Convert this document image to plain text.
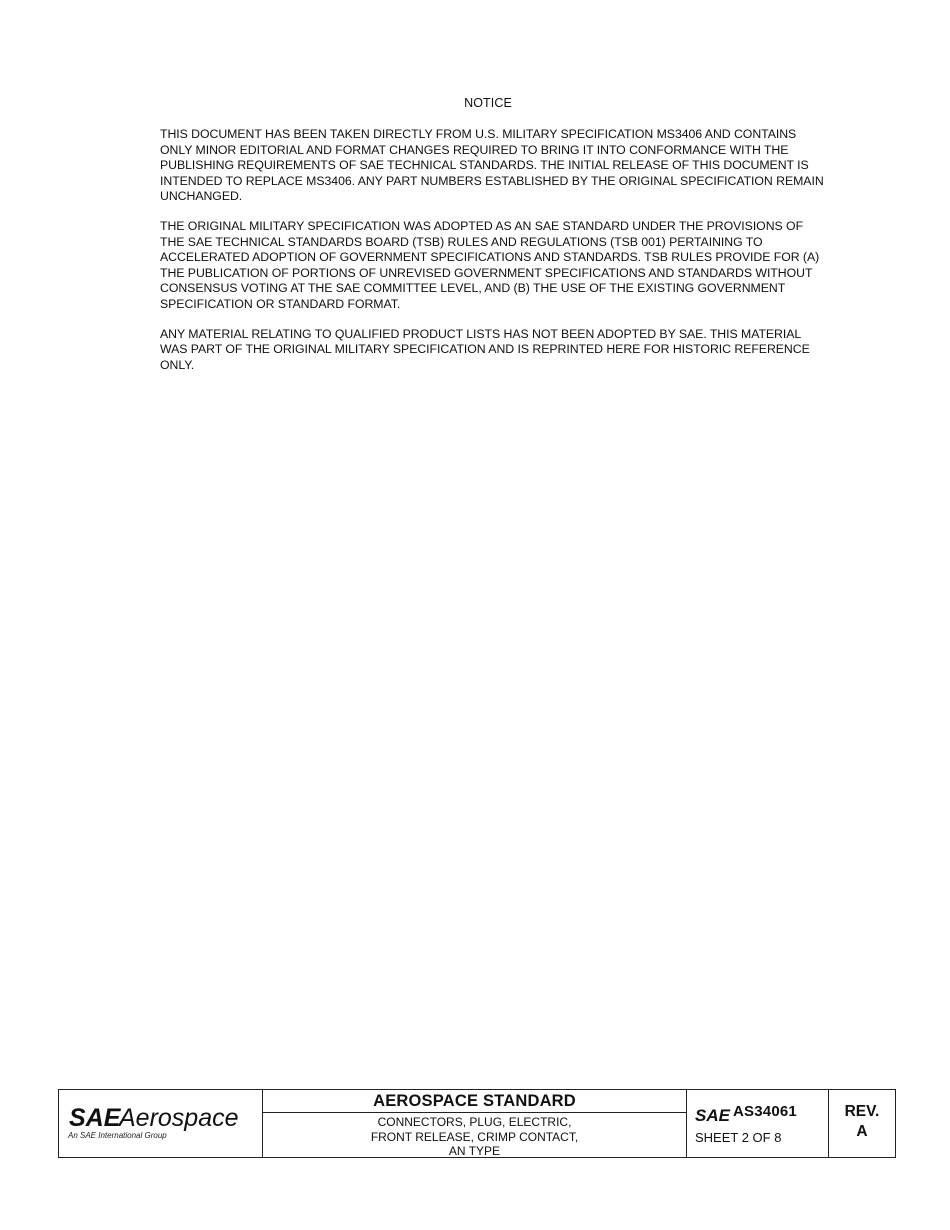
NOTICE

THIS DOCUMENT HAS BEEN TAKEN DIRECTLY FROM U.S. MILITARY SPECIFICATION MS3406 AND CONTAINS ONLY MINOR EDITORIAL AND FORMAT CHANGES REQUIRED TO BRING IT INTO CONFORMANCE WITH THE PUBLISHING REQUIREMENTS OF SAE TECHNICAL STANDARDS. THE INITIAL RELEASE OF THIS DOCUMENT IS INTENDED TO REPLACE MS3406. ANY PART NUMBERS ESTABLISHED BY THE ORIGINAL SPECIFICATION REMAIN UNCHANGED.

THE ORIGINAL MILITARY SPECIFICATION WAS ADOPTED AS AN SAE STANDARD UNDER THE PROVISIONS OF THE SAE TECHNICAL STANDARDS BOARD (TSB) RULES AND REGULATIONS (TSB 001) PERTAINING TO ACCELERATED ADOPTION OF GOVERNMENT SPECIFICATIONS AND STANDARDS. TSB RULES PROVIDE FOR (A) THE PUBLICATION OF PORTIONS OF UNREVISED GOVERNMENT SPECIFICATIONS AND STANDARDS WITHOUT CONSENSUS VOTING AT THE SAE COMMITTEE LEVEL, AND (B) THE USE OF THE EXISTING GOVERNMENT SPECIFICATION OR STANDARD FORMAT.

ANY MATERIAL RELATING TO QUALIFIED PRODUCT LISTS HAS NOT BEEN ADOPTED BY SAE. THIS MATERIAL WAS PART OF THE ORIGINAL MILITARY SPECIFICATION AND IS REPRINTED HERE FOR HISTORIC REFERENCE ONLY.

SAE
Aerospace
An SAE International Group
AEROSPACE STANDARD
CONNECTORS, PLUG, ELECTRIC,
FRONT RELEASE, CRIMP CONTACT,
AN TYPE
SAE AS34061
SHEET 2 OF 8
REV.
A
